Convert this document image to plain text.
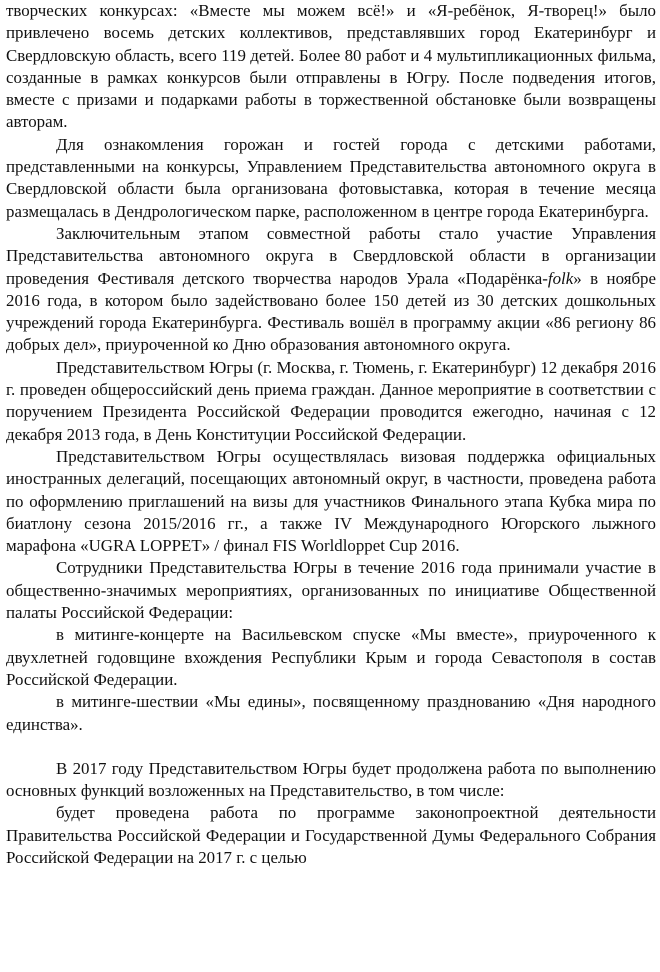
творческих конкурсах: «Вместе мы можем всё!» и «Я-ребёнок, Я-творец!» было привлечено восемь детских коллективов, представлявших город Екатеринбург и Свердловскую область, всего 119 детей. Более 80 работ и 4 мультипликационных фильма, созданные в рамках конкурсов были отправлены в Югру. После подведения итогов, вместе с призами и подарками работы в торжественной обстановке были возвращены авторам.

Для ознакомления горожан и гостей города с детскими работами, представленными на конкурсы, Управлением Представительства автономного округа в Свердловской области была организована фотовыставка, которая в течение месяца размещалась в Дендрологическом парке, расположенном в центре города Екатеринбурга.

Заключительным этапом совместной работы стало участие Управления Представительства автономного округа в Свердловской области в организации проведения Фестиваля детского творчества народов Урала «Подарёнка-folk» в ноябре 2016 года, в котором было задействовано более 150 детей из 30 детских дошкольных учреждений города Екатеринбурга. Фестиваль вошёл в программу акции «86 региону 86 добрых дел», приуроченной ко Дню образования автономного округа.

Представительством Югры (г. Москва, г. Тюмень, г. Екатеринбург) 12 декабря 2016 г. проведен общероссийский день приема граждан. Данное мероприятие в соответствии с поручением Президента Российской Федерации проводится ежегодно, начиная с 12 декабря 2013 года, в День Конституции Российской Федерации.

Представительством Югры осуществлялась визовая поддержка официальных иностранных делегаций, посещающих автономный округ, в частности, проведена работа по оформлению приглашений на визы для участников Финального этапа Кубка мира по биатлону сезона 2015/2016 гг., а также IV Международного Югорского лыжного марафона «UGRA LOPPET» / финал FIS Worldloppet Cup 2016.

Сотрудники Представительства Югры в течение 2016 года принимали участие в общественно-значимых мероприятиях, организованных по инициативе Общественной палаты Российской Федерации:

в митинге-концерте на Васильевском спуске «Мы вместе», приуроченного к двухлетней годовщине вхождения Республики Крым и города Севастополя в состав Российской Федерации.

в митинге-шествии «Мы едины», посвященному празднованию «Дня народного единства».

В 2017 году Представительством Югры будет продолжена работа по выполнению основных функций возложенных на Представительство, в том числе:

будет проведена работа по программе законопроектной деятельности Правительства Российской Федерации и Государственной Думы Федерального Собрания Российской Федерации на 2017 г. с целью
